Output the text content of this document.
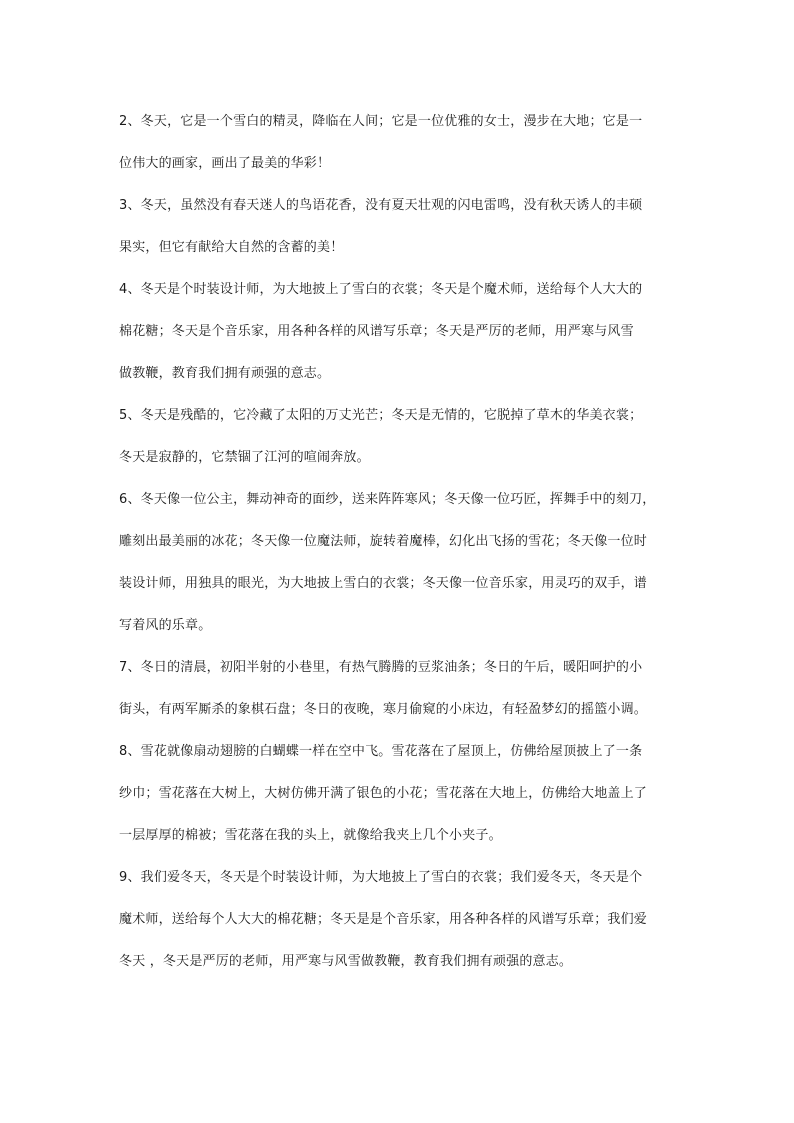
2、冬天，它是一个雪白的精灵，降临在人间；它是一位优雅的女士，漫步在大地；它是一
位伟大的画家，画出了最美的华彩！

3、冬天，虽然没有春天迷人的鸟语花香，没有夏天壮观的闪电雷鸣，没有秋天诱人的丰硕
果实，但它有献给大自然的含蓄的美！

4、冬天是个时装设计师，为大地披上了雪白的衣裳；冬天是个魔术师，送给每个人大大的
棉花糖；冬天是个音乐家，用各种各样的风谱写乐章；冬天是严厉的老师，用严寒与风雪
做教鞭，教育我们拥有顽强的意志。

5、冬天是残酷的，它冷藏了太阳的万丈光芒；冬天是无情的，它脱掉了草木的华美衣裳；
冬天是寂静的，它禁锢了江河的喧闹奔放。

6、冬天像一位公主，舞动神奇的面纱，送来阵阵寒风；冬天像一位巧匠，挥舞手中的刻刀，
雕刻出最美丽的冰花；冬天像一位魔法师，旋转着魔棒，幻化出飞扬的雪花；冬天像一位时
装设计师，用独具的眼光，为大地披上雪白的衣裳；冬天像一位音乐家，用灵巧的双手，谱
写着风的乐章。

7、冬日的清晨，初阳半射的小巷里，有热气腾腾的豆浆油条；冬日的午后，暖阳呵护的小
街头，有两军厮杀的象棋石盘；冬日的夜晚，寒月偷窥的小床边，有轻盈梦幻的摇篮小调。

8、雪花就像扇动翅膀的白蝴蝶一样在空中飞。雪花落在了屋顶上，仿佛给屋顶披上了一条
纱巾；雪花落在大树上，大树仿佛开满了银色的小花；雪花落在大地上，仿佛给大地盖上了
一层厚厚的棉被；雪花落在我的头上，就像给我夹上几个小夹子。

9、我们爱冬天，冬天是个时装设计师，为大地披上了雪白的衣裳；我们爱冬天，冬天是个
魔术师，送给每个人大大的棉花糖；冬天是是个音乐家，用各种各样的风谱写乐章；我们爱
冬天 ，冬天是严厉的老师，用严寒与风雪做教鞭，教育我们拥有顽强的意志。
